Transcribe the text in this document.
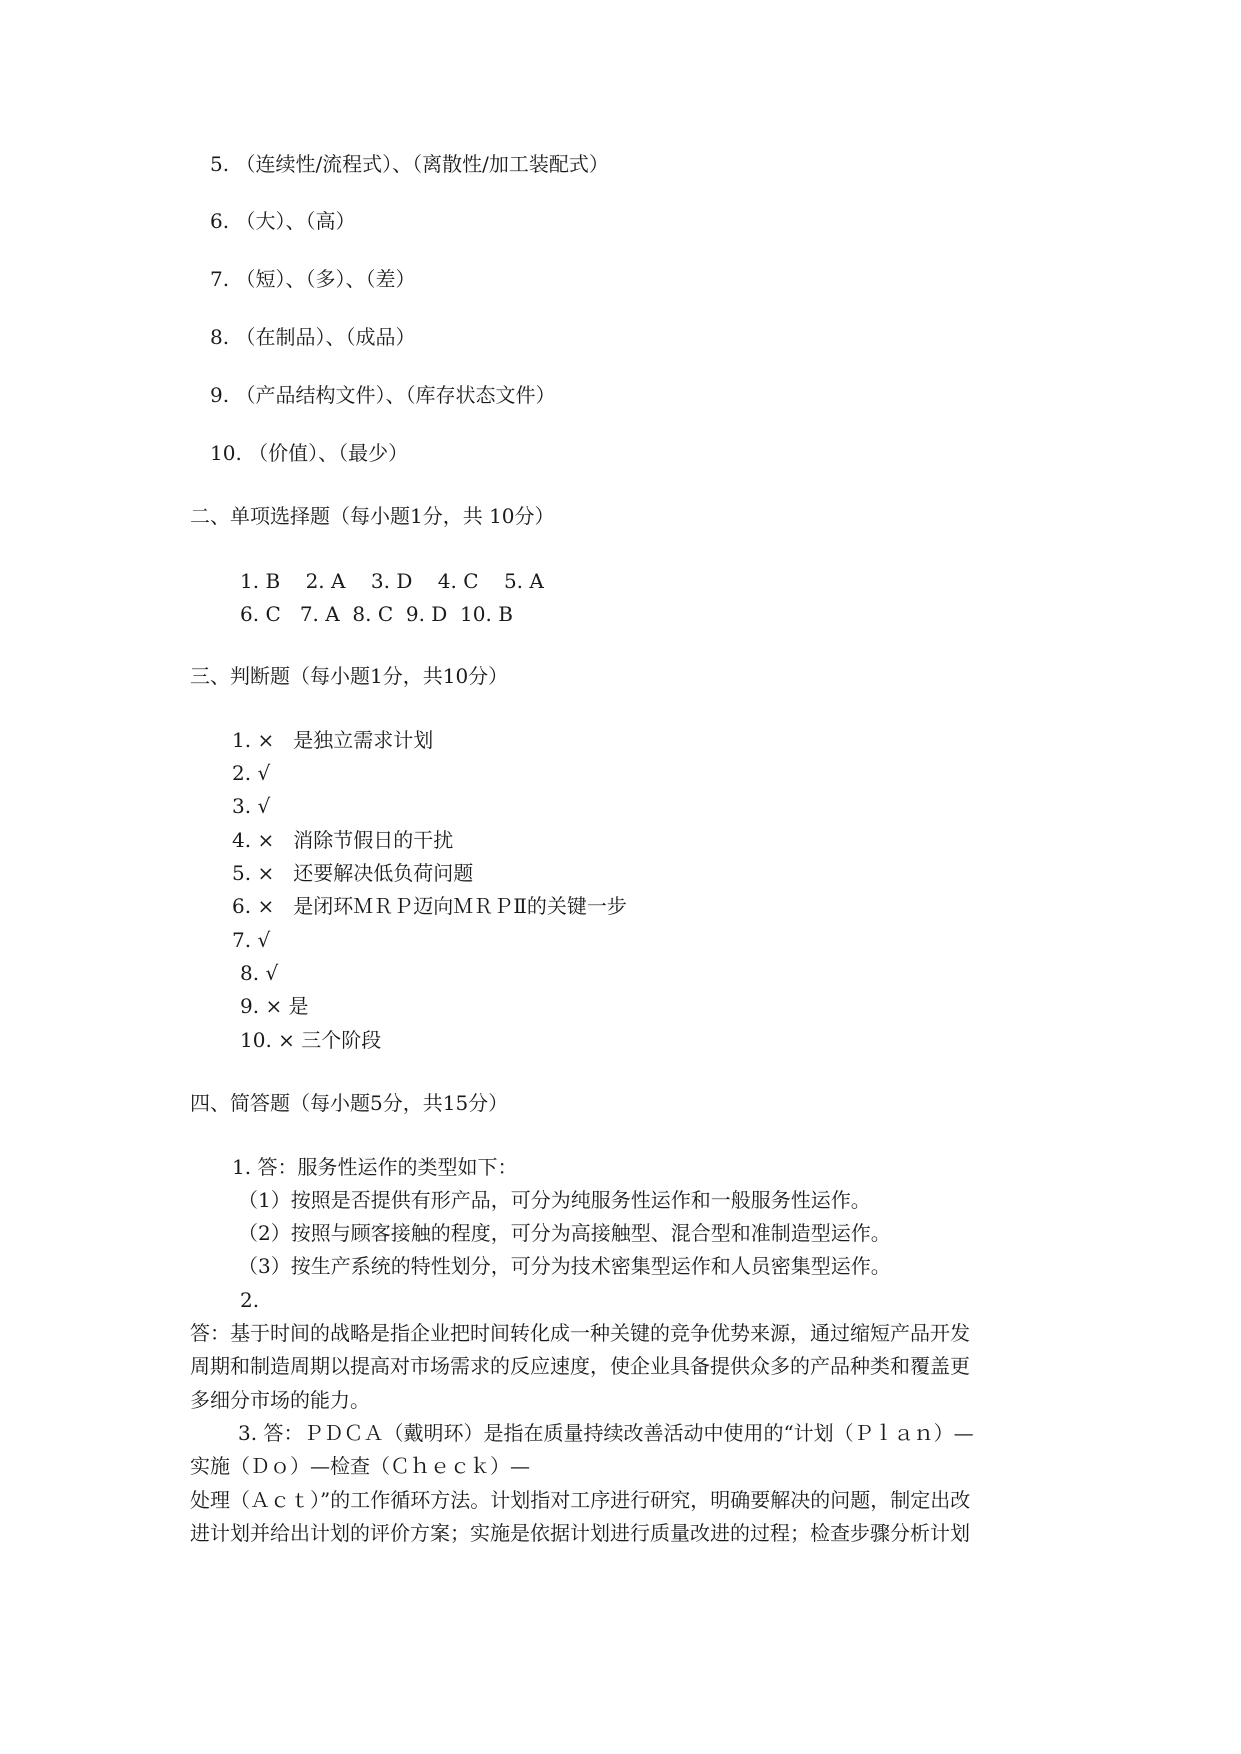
5. （连续性/流程式）、（离散性/加工装配式）
6. （大）、（高）
7. （短）、（多）、（差）
8. （在制品）、（成品）
9. （产品结构文件）、（库存状态文件）
10. （价值）、（最少）
二、单项选择题（每小题1分，共 10分）
1. B    2. A    3. D    4. C    5. A
6. C   7. A  8. C  9. D  10. B
三、判断题（每小题1分，共10分）
1. ×   是独立需求计划
2. √
3. √
4. ×   消除节假日的干扰
5. ×   还要解决低负荷问题
6. ×   是闭环ＭＲＰ迈向ＭＲＰⅡ的关键一步
7. √
8. √
9. × 是
10. × 三个阶段
四、简答题（每小题5分，共15分）
1. 答：服务性运作的类型如下：
（1）按照是否提供有形产品，可分为纯服务性运作和一般服务性运作。
（2）按照与顾客接触的程度，可分为高接触型、混合型和准制造型运作。
（3）按生产系统的特性划分，可分为技术密集型运作和人员密集型运作。
2.
答：基于时间的战略是指企业把时间转化成一种关键的竞争优势来源，通过缩短产品开发
周期和制造周期以提高对市场需求的反应速度，使企业具备提供众多的产品种类和覆盖更
多细分市场的能力。
3. 答：ＰＤＣＡ（戴明环）是指在质量持续改善活动中使用的“计划（Ｐｌａｎ）—
实施（Ｄｏ）—检查（Ｃｈｅｃｋ）—
处理（Ａｃｔ）”的工作循环方法。计划指对工序进行研究，明确要解决的问题，制定出改
进计划并给出计划的评价方案；实施是依据计划进行质量改进的过程；检查步骤分析计划
